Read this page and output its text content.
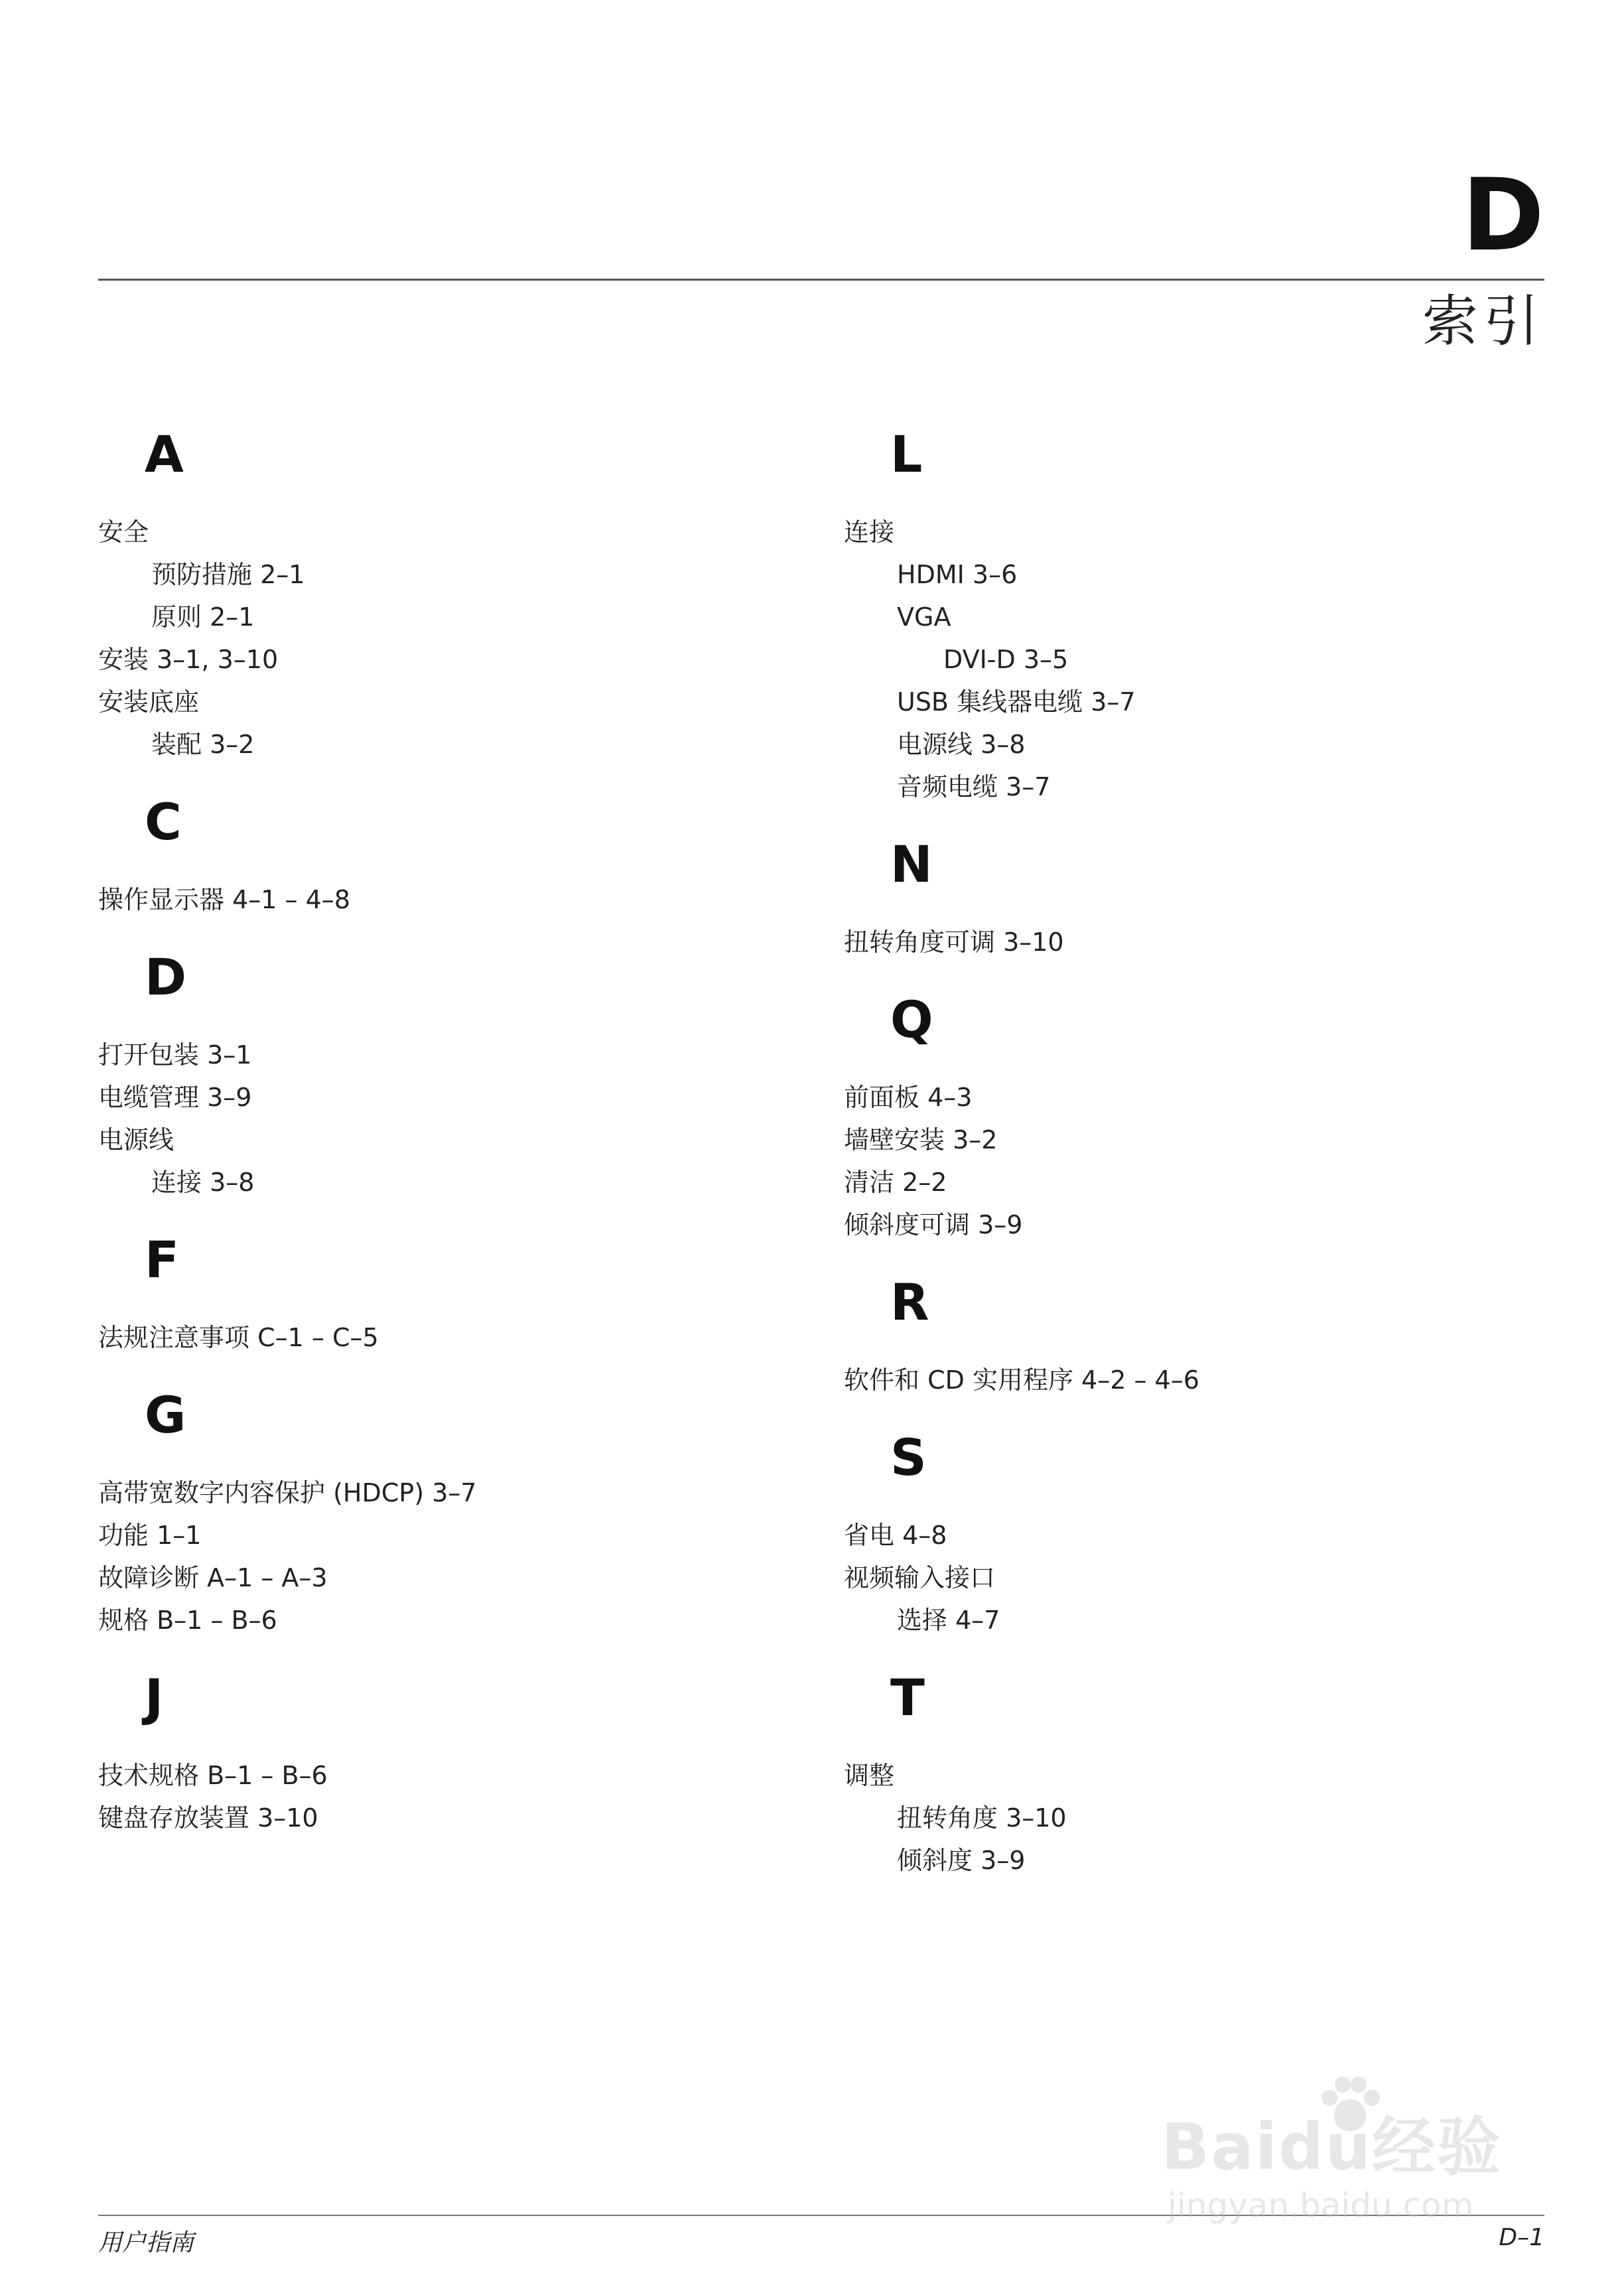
D
索引
A
安全
预防措施 2–1
原则 2–1
安装 3–1, 3–10
安装底座
装配 3–2
C
操作显示器 4–1 – 4–8
D
打开包装 3–1
电缆管理 3–9
电源线
连接 3–8
F
法规注意事项 C–1 – C–5
G
高带宽数字内容保护 (HDCP) 3–7
功能 1–1
故障诊断 A–1 – A–3
规格 B–1 – B–6
J
技术规格 B–1 – B–6
键盘存放装置 3–10
L
连接
HDMI 3–6
VGA
DVI-D 3–5
USB 集线器电缆 3–7
电源线 3–8
音频电缆 3–7
N
扭转角度可调 3–10
Q
前面板 4–3
墙壁安装 3–2
清洁 2–2
倾斜度可调 3–9
R
软件和 CD 实用程序 4–2 – 4–6
S
省电 4–8
视频输入接口
选择 4–7
T
调整
扭转角度 3–10
倾斜度 3–9
用户指南	D–1
Baidu经验
jingyan.baidu.com
